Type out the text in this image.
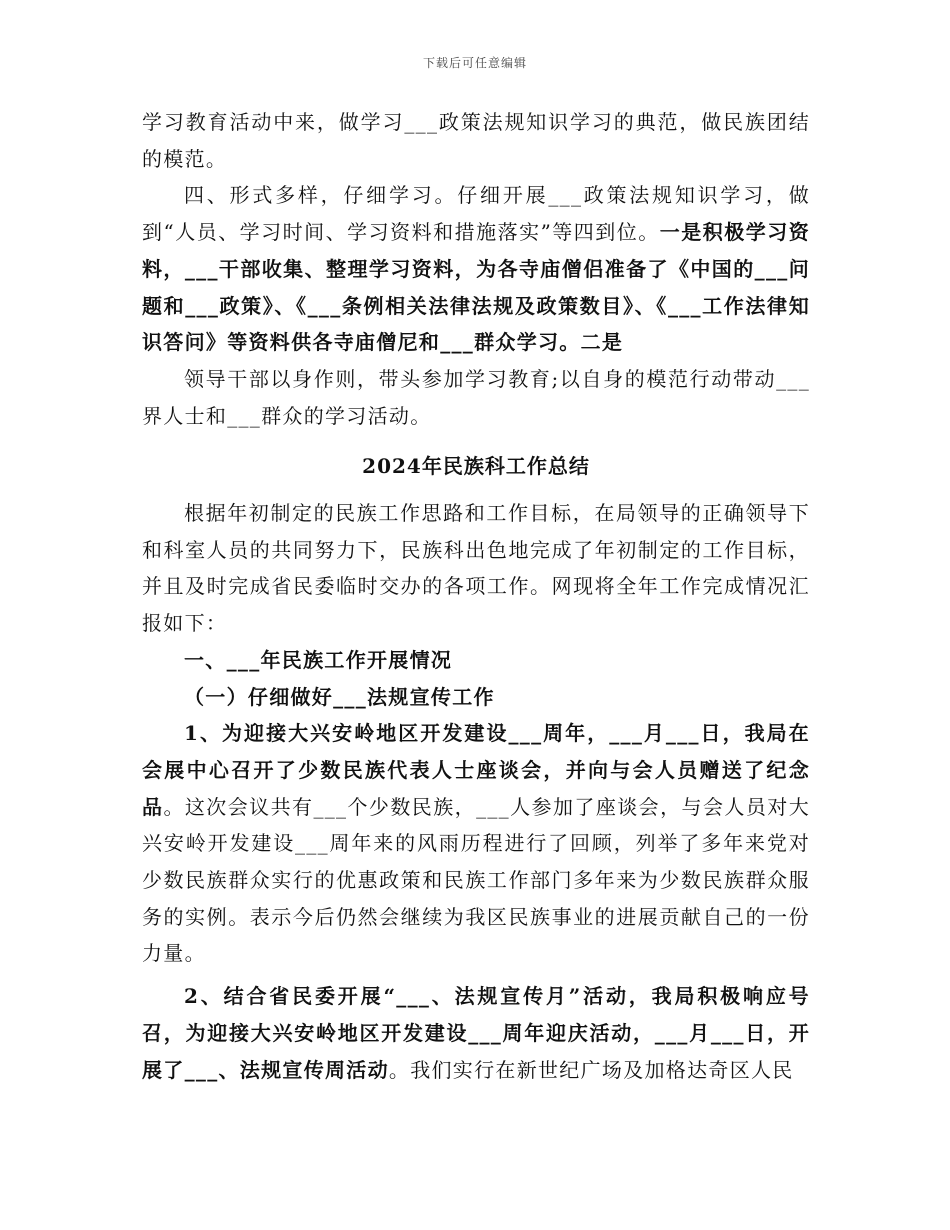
下载后可任意编辑

学习教育活动中来，做学习___政策法规知识学习的典范，做民族团结的模范。

四、形式多样，仔细学习。仔细开展___政策法规知识学习，做到“人员、学习时间、学习资料和措施落实”等四到位。一是积极学习资料，___干部收集、整理学习资料，为各寺庙僧侣准备了《中国的___问题和___政策》、《___条例相关法律法规及政策数目》、《___工作法律知识答问》等资料供各寺庙僧尼和___群众学习。二是

领导干部以身作则，带头参加学习教育;以自身的模范行动带动___界人士和___群众的学习活动。

2024年民族科工作总结

根据年初制定的民族工作思路和工作目标，在局领导的正确领导下和科室人员的共同努力下，民族科出色地完成了年初制定的工作目标，并且及时完成省民委临时交办的各项工作。网现将全年工作完成情况汇报如下：

一、___年民族工作开展情况

（一）仔细做好___法规宣传工作

1、为迎接大兴安岭地区开发建设___周年，___月___日，我局在会展中心召开了少数民族代表人士座谈会，并向与会人员赠送了纪念品。这次会议共有___个少数民族，___人参加了座谈会，与会人员对大兴安岭开发建设___周年来的风雨历程进行了回顾，列举了多年来党对少数民族群众实行的优惠政策和民族工作部门多年来为少数民族群众服务的实例。表示今后仍然会继续为我区民族事业的进展贡献自己的一份力量。

2、结合省民委开展“___、法规宣传月”活动，我局积极响应号召，为迎接大兴安岭地区开发建设___周年迎庆活动，___月___日，开展了___、法规宣传周活动。我们实行在新世纪广场及加格达奇区人民
